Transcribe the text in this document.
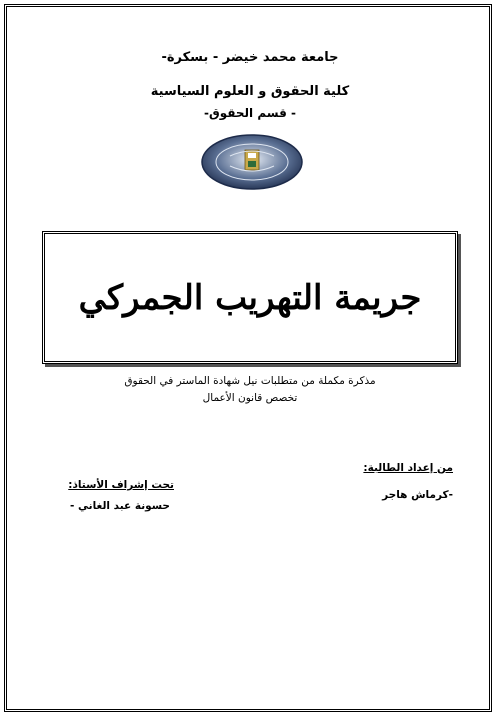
جامعة محمد خيضر - بسكرة-
كلية الحقوق و العلوم السياسية
- قسم الحقوق-
جريمة التهريب الجمركي
مذكرة مكملة من متطلبات نيل شهادة الماستر في الحقوق
تخصص قانون الأعمال
من إعداد الطالبة:
-كرماش هاجر
تحت إشراف الأستاذ:
حسونة عبد الغاني -
